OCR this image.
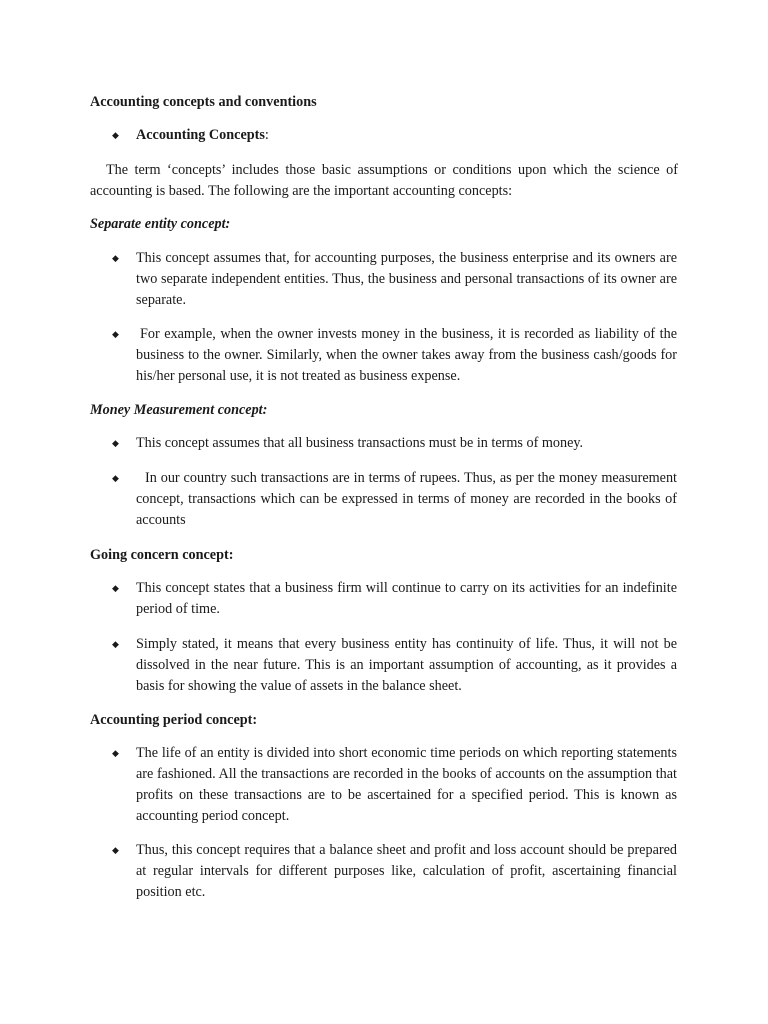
Accounting concepts and conventions
◆ Accounting Concepts:
The term ‘concepts’ includes those basic assumptions or conditions upon which the science of accounting is based. The following are the important accounting concepts:
Separate entity concept:
◆ This concept assumes that, for accounting purposes, the business enterprise and its owners are two separate independent entities. Thus, the business and personal transactions of its owner are separate.
◆ For example, when the owner invests money in the business, it is recorded as liability of the business to the owner. Similarly, when the owner takes away from the business cash/goods for his/her personal use, it is not treated as business expense.
Money Measurement concept:
◆ This concept assumes that all business transactions must be in terms of money.
◆	In our country such transactions are in terms of rupees. Thus, as per the money measurement concept, transactions which can be expressed in terms of money are recorded in the books of accounts
Going concern concept:
◆ This concept states that a business firm will continue to carry on its activities for an indefinite period of time.
◆ Simply stated, it means that every business entity has continuity of life. Thus, it will not be dissolved in the near future. This is an important assumption of accounting, as it provides a basis for showing the value of assets in the balance sheet.
Accounting period concept:
◆ The life of an entity is divided into short economic time periods on which reporting statements are fashioned. All the transactions are recorded in the books of accounts on the assumption that profits on these transactions are to be ascertained for a specified period. This is known as accounting period concept.
◆ Thus, this concept requires that a balance sheet and profit and loss account should be prepared at regular intervals for different purposes like, calculation of profit, ascertaining financial position etc.
